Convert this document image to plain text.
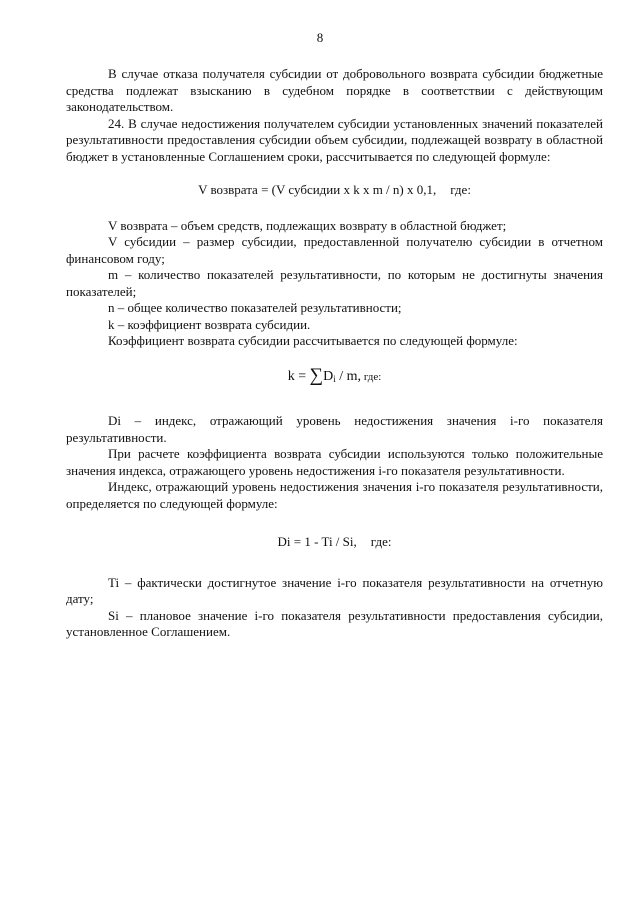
8

В случае отказа получателя субсидии от добровольного возврата субсидии бюджетные средства подлежат взысканию в судебном порядке в соответствии с действующим законодательством.

24. В случае недостижения получателем субсидии установленных значений показателей результативности предоставления субсидии объем субсидии, подлежащей возврату в областной бюджет в установленные Соглашением сроки, рассчитывается по следующей формуле:

V возврата = (V субсидии x k x m / n) x 0,1, где:

V возврата – объем средств, подлежащих возврату в областной бюджет;

V субсидии – размер субсидии, предоставленной получателю субсидии в отчетном финансовом году;

m – количество показателей результативности, по которым не достигнуты значения показателей;

n – общее количество показателей результативности;

k – коэффициент возврата субсидии.

Коэффициент возврата субсидии рассчитывается по следующей формуле:

$k = \sum D_i / m$, где:

Di – индекс, отражающий уровень недостижения значения i-го показателя результативности.

При расчете коэффициента возврата субсидии используются только положительные значения индекса, отражающего уровень недостижения i-го показателя результативности.

Индекс, отражающий уровень недостижения значения i-го показателя результативности, определяется по следующей формуле:

Di = 1 - Ti / Si, где:

Ti – фактически достигнутое значение i-го показателя результативности на отчетную дату;

Si – плановое значение i-го показателя результативности предоставления субсидии, установленное Соглашением.
